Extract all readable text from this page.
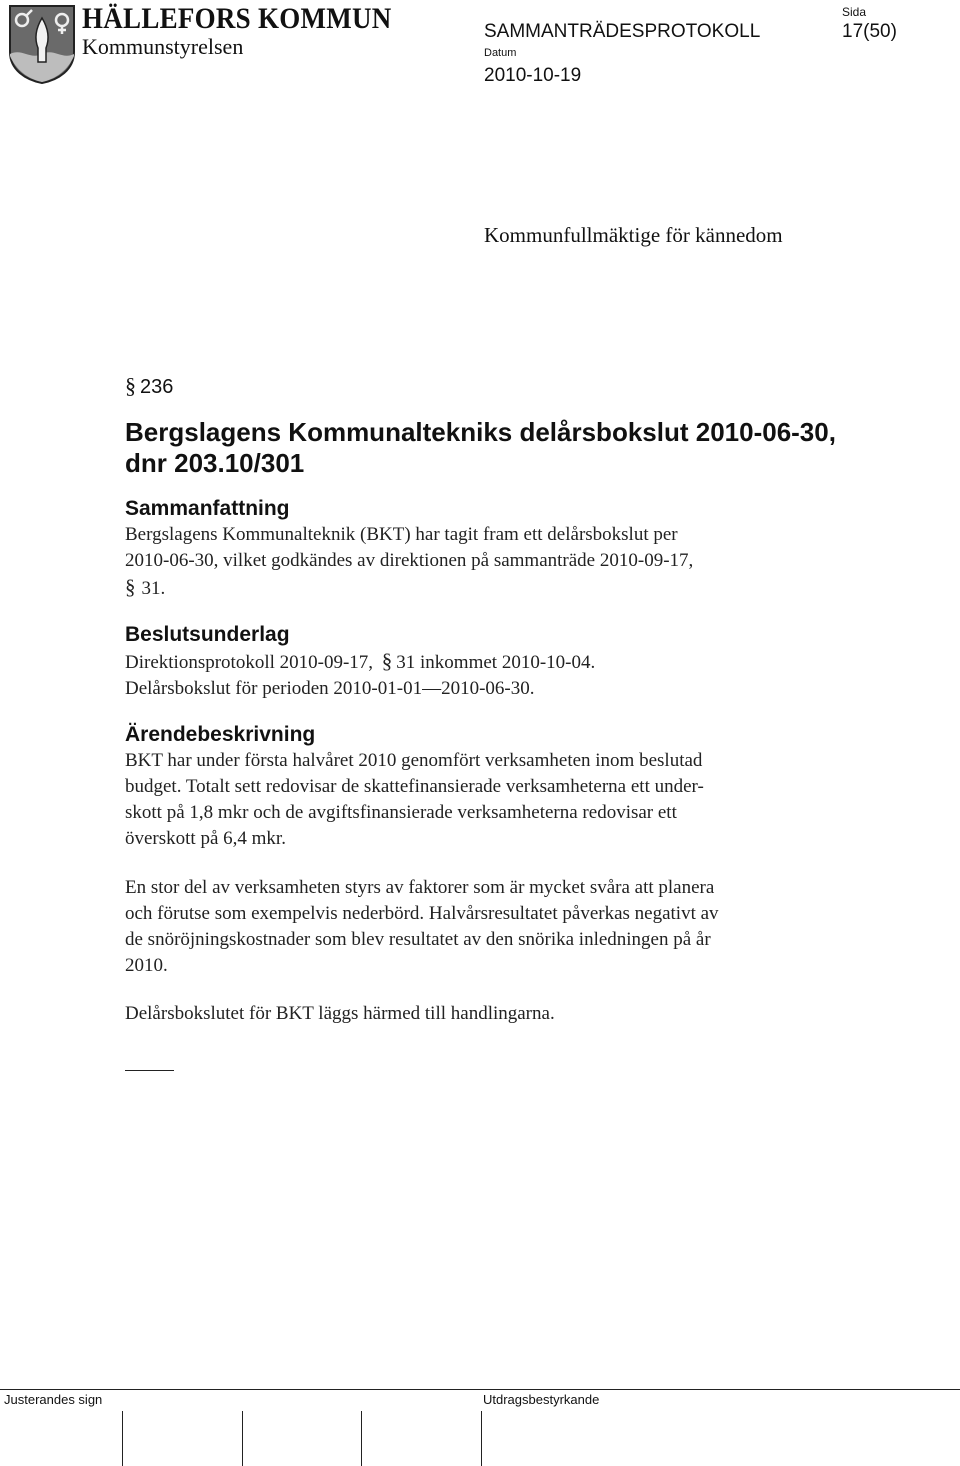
HÄLLEFORS KOMMUN
Kommunstyrelsen
SAMMANTRÄDESPROTOKOLL
Sida
17(50)
Datum
2010-10-19
Kommunfullmäktige för kännedom
§ 236
Bergslagens Kommunaltekniks delårsbokslut 2010-06-30,
dnr 203.10/301
Sammanfattning
Bergslagens Kommunalteknik (BKT) har tagit fram ett delårsbokslut per
2010-06-30, vilket godkändes av direktionen på sammanträde 2010-09-17,
§ 31.
Beslutsunderlag
Direktionsprotokoll 2010-09-17, § 31 inkommet 2010-10-04.
Delårsbokslut för perioden 2010-01-01—2010-06-30.
Ärendebeskrivning
BKT har under första halvåret 2010 genomfört verksamheten inom beslutad
budget. Totalt sett redovisar de skattefinansierade verksamheterna ett under-
skott på 1,8 mkr och de avgiftsfinansierade verksamheterna redovisar ett
överskott på 6,4 mkr.
En stor del av verksamheten styrs av faktorer som är mycket svåra att planera
och förutse som exempelvis nederbörd. Halvårsresultatet påverkas negativt av
de snöröjningskostnader som blev resultatet av den snörika inledningen på år
2010.
Delårsbokslutet för BKT läggs härmed till handlingarna.
Justerandes sign	Utdragsbestyrkande
